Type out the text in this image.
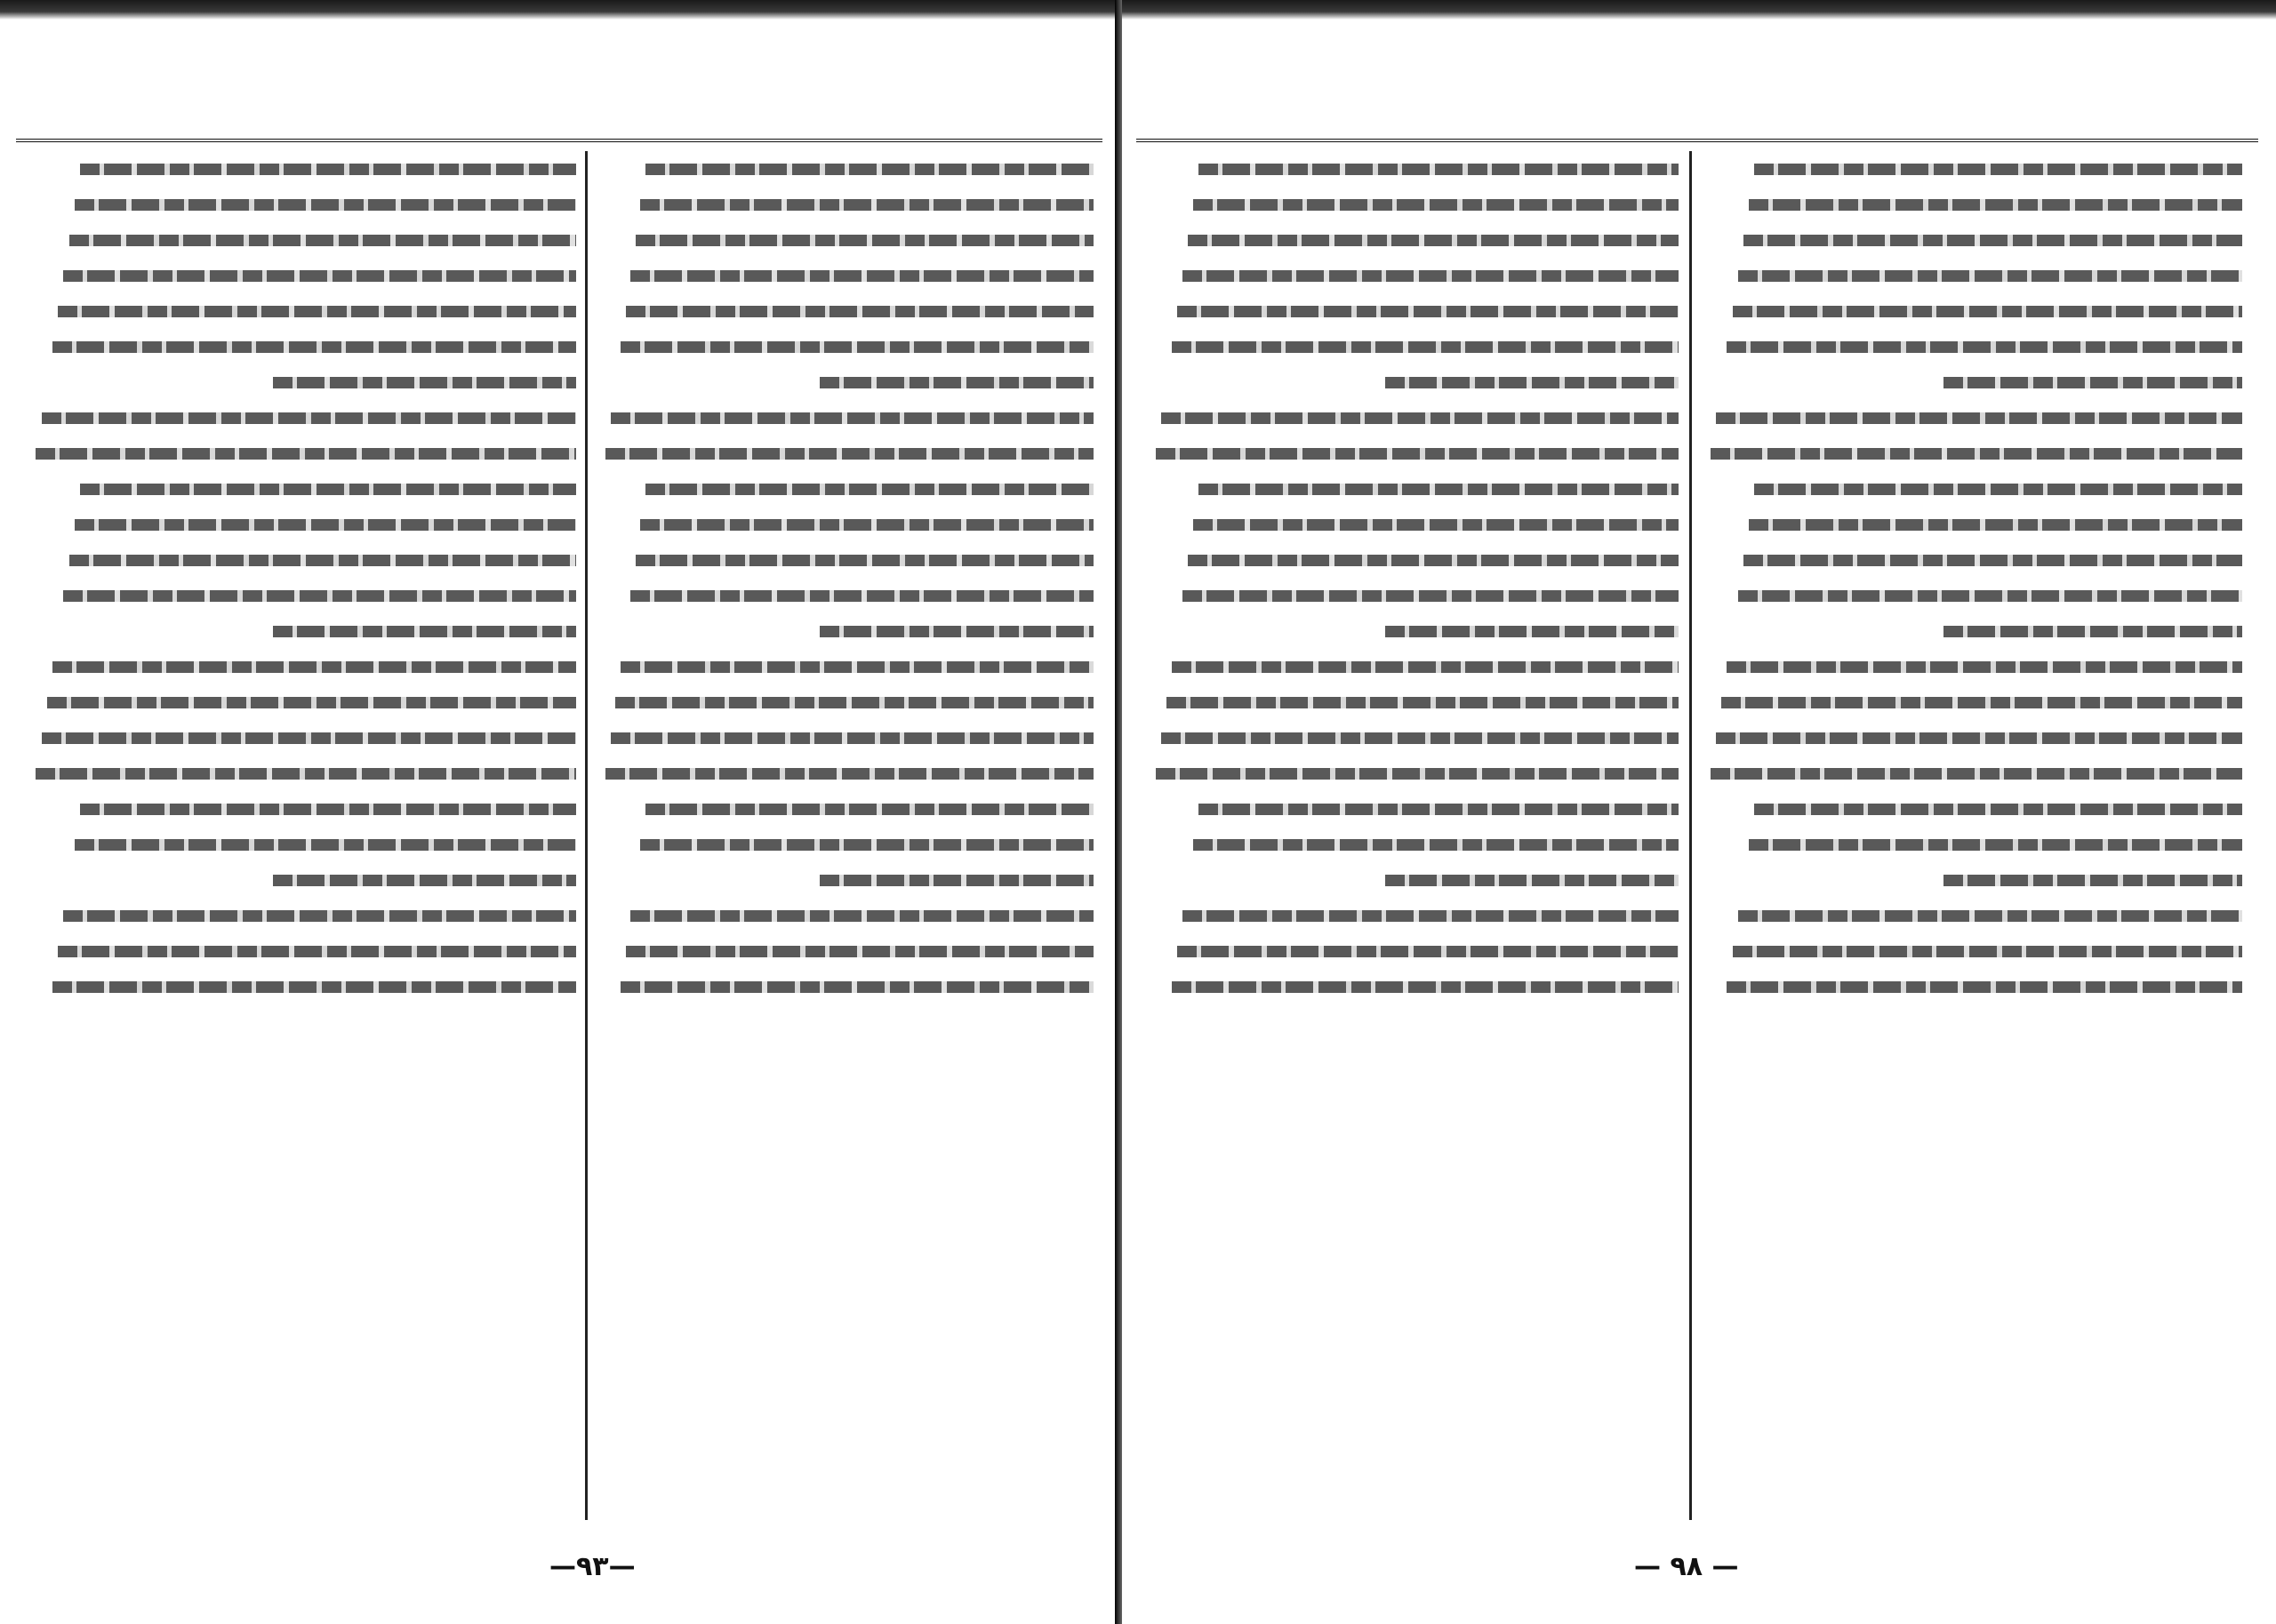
—۹۳—	— ۹۸ —
